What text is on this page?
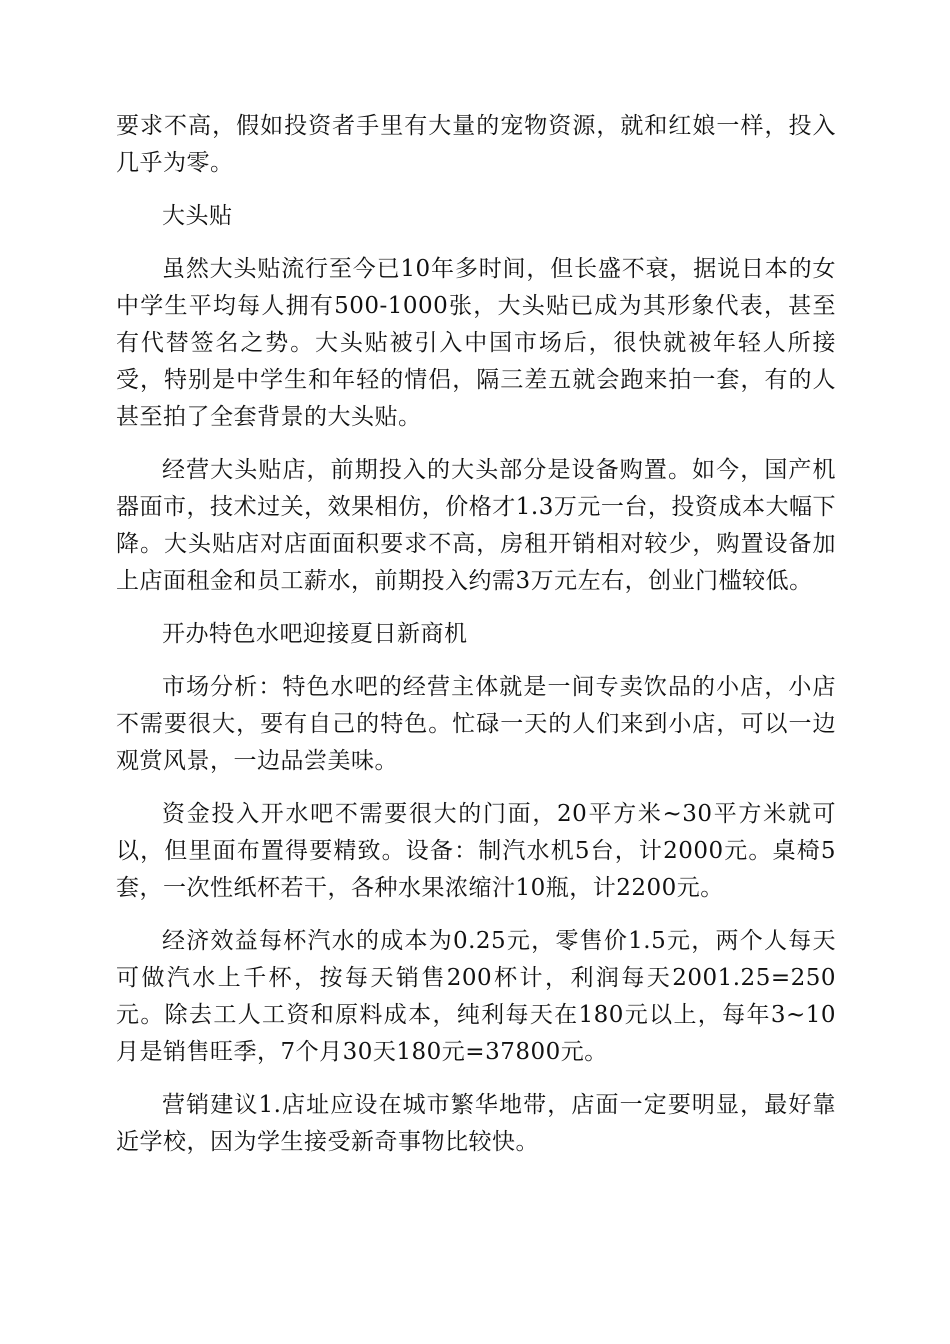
要求不高，假如投资者手里有大量的宠物资源，就和红娘一样，投入几乎为零。

大头贴

虽然大头贴流行至今已10年多时间，但长盛不衰，据说日本的女中学生平均每人拥有500-1000张，大头贴已成为其形象代表，甚至有代替签名之势。大头贴被引入中国市场后，很快就被年轻人所接受，特别是中学生和年轻的情侣，隔三差五就会跑来拍一套，有的人甚至拍了全套背景的大头贴。

经营大头贴店，前期投入的大头部分是设备购置。如今，国产机器面市，技术过关，效果相仿，价格才1.3万元一台，投资成本大幅下降。大头贴店对店面面积要求不高，房租开销相对较少，购置设备加上店面租金和员工薪水，前期投入约需3万元左右，创业门槛较低。

开办特色水吧迎接夏日新商机

市场分析：特色水吧的经营主体就是一间专卖饮品的小店，小店不需要很大，要有自己的特色。忙碌一天的人们来到小店，可以一边观赏风景，一边品尝美味。

资金投入开水吧不需要很大的门面，20平方米~30平方米就可以，但里面布置得要精致。设备：制汽水机5台，计2000元。桌椅5套，一次性纸杯若干，各种水果浓缩汁10瓶，计2200元。

经济效益每杯汽水的成本为0.25元，零售价1.5元，两个人每天可做汽水上千杯，按每天销售200杯计，利润每天2001.25=250元。除去工人工资和原料成本，纯利每天在180元以上，每年3~10月是销售旺季，7个月30天180元=37800元。

营销建议1.店址应设在城市繁华地带，店面一定要明显，最好靠近学校，因为学生接受新奇事物比较快。
